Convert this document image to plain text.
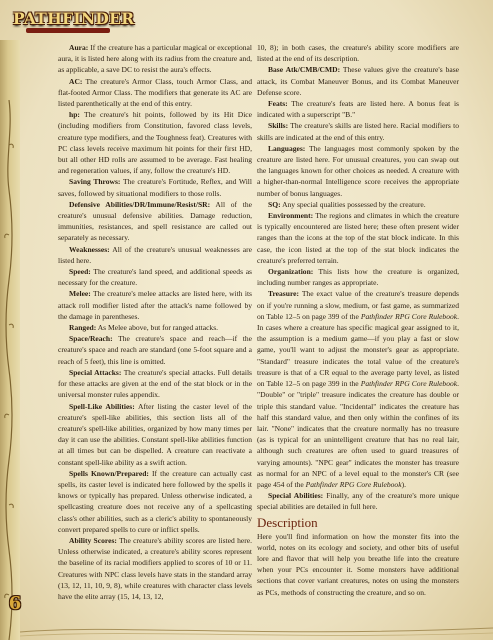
PATHFINDER

Aura: If the creature has a particular magical or exceptional aura, it is listed here along with its radius from the creature and, as applicable, a save DC to resist the aura's effects.

AC: The creature's Armor Class, touch Armor Class, and flat-footed Armor Class. The modifiers that generate its AC are listed parenthetically at the end of this entry.

hp: The creature's hit points, followed by its Hit Dice (including modifiers from Constitution, favored class levels, creature type modifiers, and the Toughness feat). Creatures with PC class levels receive maximum hit points for their first HD, but all other HD rolls are assumed to be average. Fast healing and regeneration values, if any, follow the creature's HD.

Saving Throws: The creature's Fortitude, Reflex, and Will saves, followed by situational modifiers to those rolls.

Defensive Abilities/DR/Immune/Resist/SR: All of the creature's unusual defensive abilities. Damage reduction, immunities, resistances, and spell resistance are called out separately as necessary.

Weaknesses: All of the creature's unusual weaknesses are listed here.

Speed: The creature's land speed, and additional speeds as necessary for the creature.

Melee: The creature's melee attacks are listed here, with its attack roll modifier listed after the attack's name followed by the damage in parentheses.

Ranged: As Melee above, but for ranged attacks.

Space/Reach: The creature's space and reach—if the creature's space and reach are standard (one 5-foot square and a reach of 5 feet), this line is omitted.

Special Attacks: The creature's special attacks. Full details for these attacks are given at the end of the stat block or in the universal monster rules appendix.

Spell-Like Abilities: After listing the caster level of the creature's spell-like abilities, this section lists all of the creature's spell-like abilities, organized by how many times per day it can use the abilities. Constant spell-like abilities function at all times but can be dispelled. A creature can reactivate a constant spell-like ability as a swift action.

Spells Known/Prepared: If the creature can actually cast spells, its caster level is indicated here followed by the spells it knows or typically has prepared. Unless otherwise indicated, a spellcasting creature does not receive any of a spellcasting class's other abilities, such as a cleric's ability to spontaneously convert prepared spells to cure or inflict spells.

Ability Scores: The creature's ability scores are listed here. Unless otherwise indicated, a creature's ability scores represent the baseline of its racial modifiers applied to scores of 10 or 11. Creatures with NPC class levels have stats in the standard array (13, 12, 11, 10, 9, 8), while creatures with character class levels have the elite array (15, 14, 13, 12,

10, 8); in both cases, the creature's ability score modifiers are listed at the end of its description.

Base Atk/CMB/CMD: These values give the creature's base attack, its Combat Maneuver Bonus, and its Combat Maneuver Defense score.

Feats: The creature's feats are listed here. A bonus feat is indicated with a superscript "B."

Skills: The creature's skills are listed here. Racial modifiers to skills are indicated at the end of this entry.

Languages: The languages most commonly spoken by the creature are listed here. For unusual creatures, you can swap out the languages known for other choices as needed. A creature with a higher-than-normal Intelligence score receives the appropriate number of bonus languages.

SQ: Any special qualities possessed by the creature.

Environment: The regions and climates in which the creature is typically encountered are listed here; these often present wider ranges than the icons at the top of the stat block indicate. In this case, the icon listed at the top of the stat block indicates the creature's preferred terrain.

Organization: This lists how the creature is organized, including number ranges as appropriate.

Treasure: The exact value of the creature's treasure depends on if you're running a slow, medium, or fast game, as summarized on Table 12–5 on page 399 of the Pathfinder RPG Core Rulebook. In cases where a creature has specific magical gear assigned to it, the assumption is a medium game—if you play a fast or slow game, you'll want to adjust the monster's gear as appropriate. "Standard" treasure indicates the total value of the creature's treasure is that of a CR equal to the average party level, as listed on Table 12–5 on page 399 in the Pathfinder RPG Core Rulebook. "Double" or "triple" treasure indicates the creature has double or triple this standard value. "Incidental" indicates the creature has half this standard value, and then only within the confines of its lair. "None" indicates that the creature normally has no treasure (as is typical for an unintelligent creature that has no real lair, although such creatures are often used to guard treasures of varying amounts). "NPC gear" indicates the monster has treasure as normal for an NPC of a level equal to the monster's CR (see page 454 of the Pathfinder RPG Core Rulebook).

Special Abilities: Finally, any of the creature's more unique special abilities are detailed in full here.

Description

Here you'll find information on how the monster fits into the world, notes on its ecology and society, and other bits of useful lore and flavor that will help you breathe life into the creature when your PCs encounter it. Some monsters have additional sections that cover variant creatures, notes on using the monsters as PCs, methods of constructing the creature, and so on.

6
